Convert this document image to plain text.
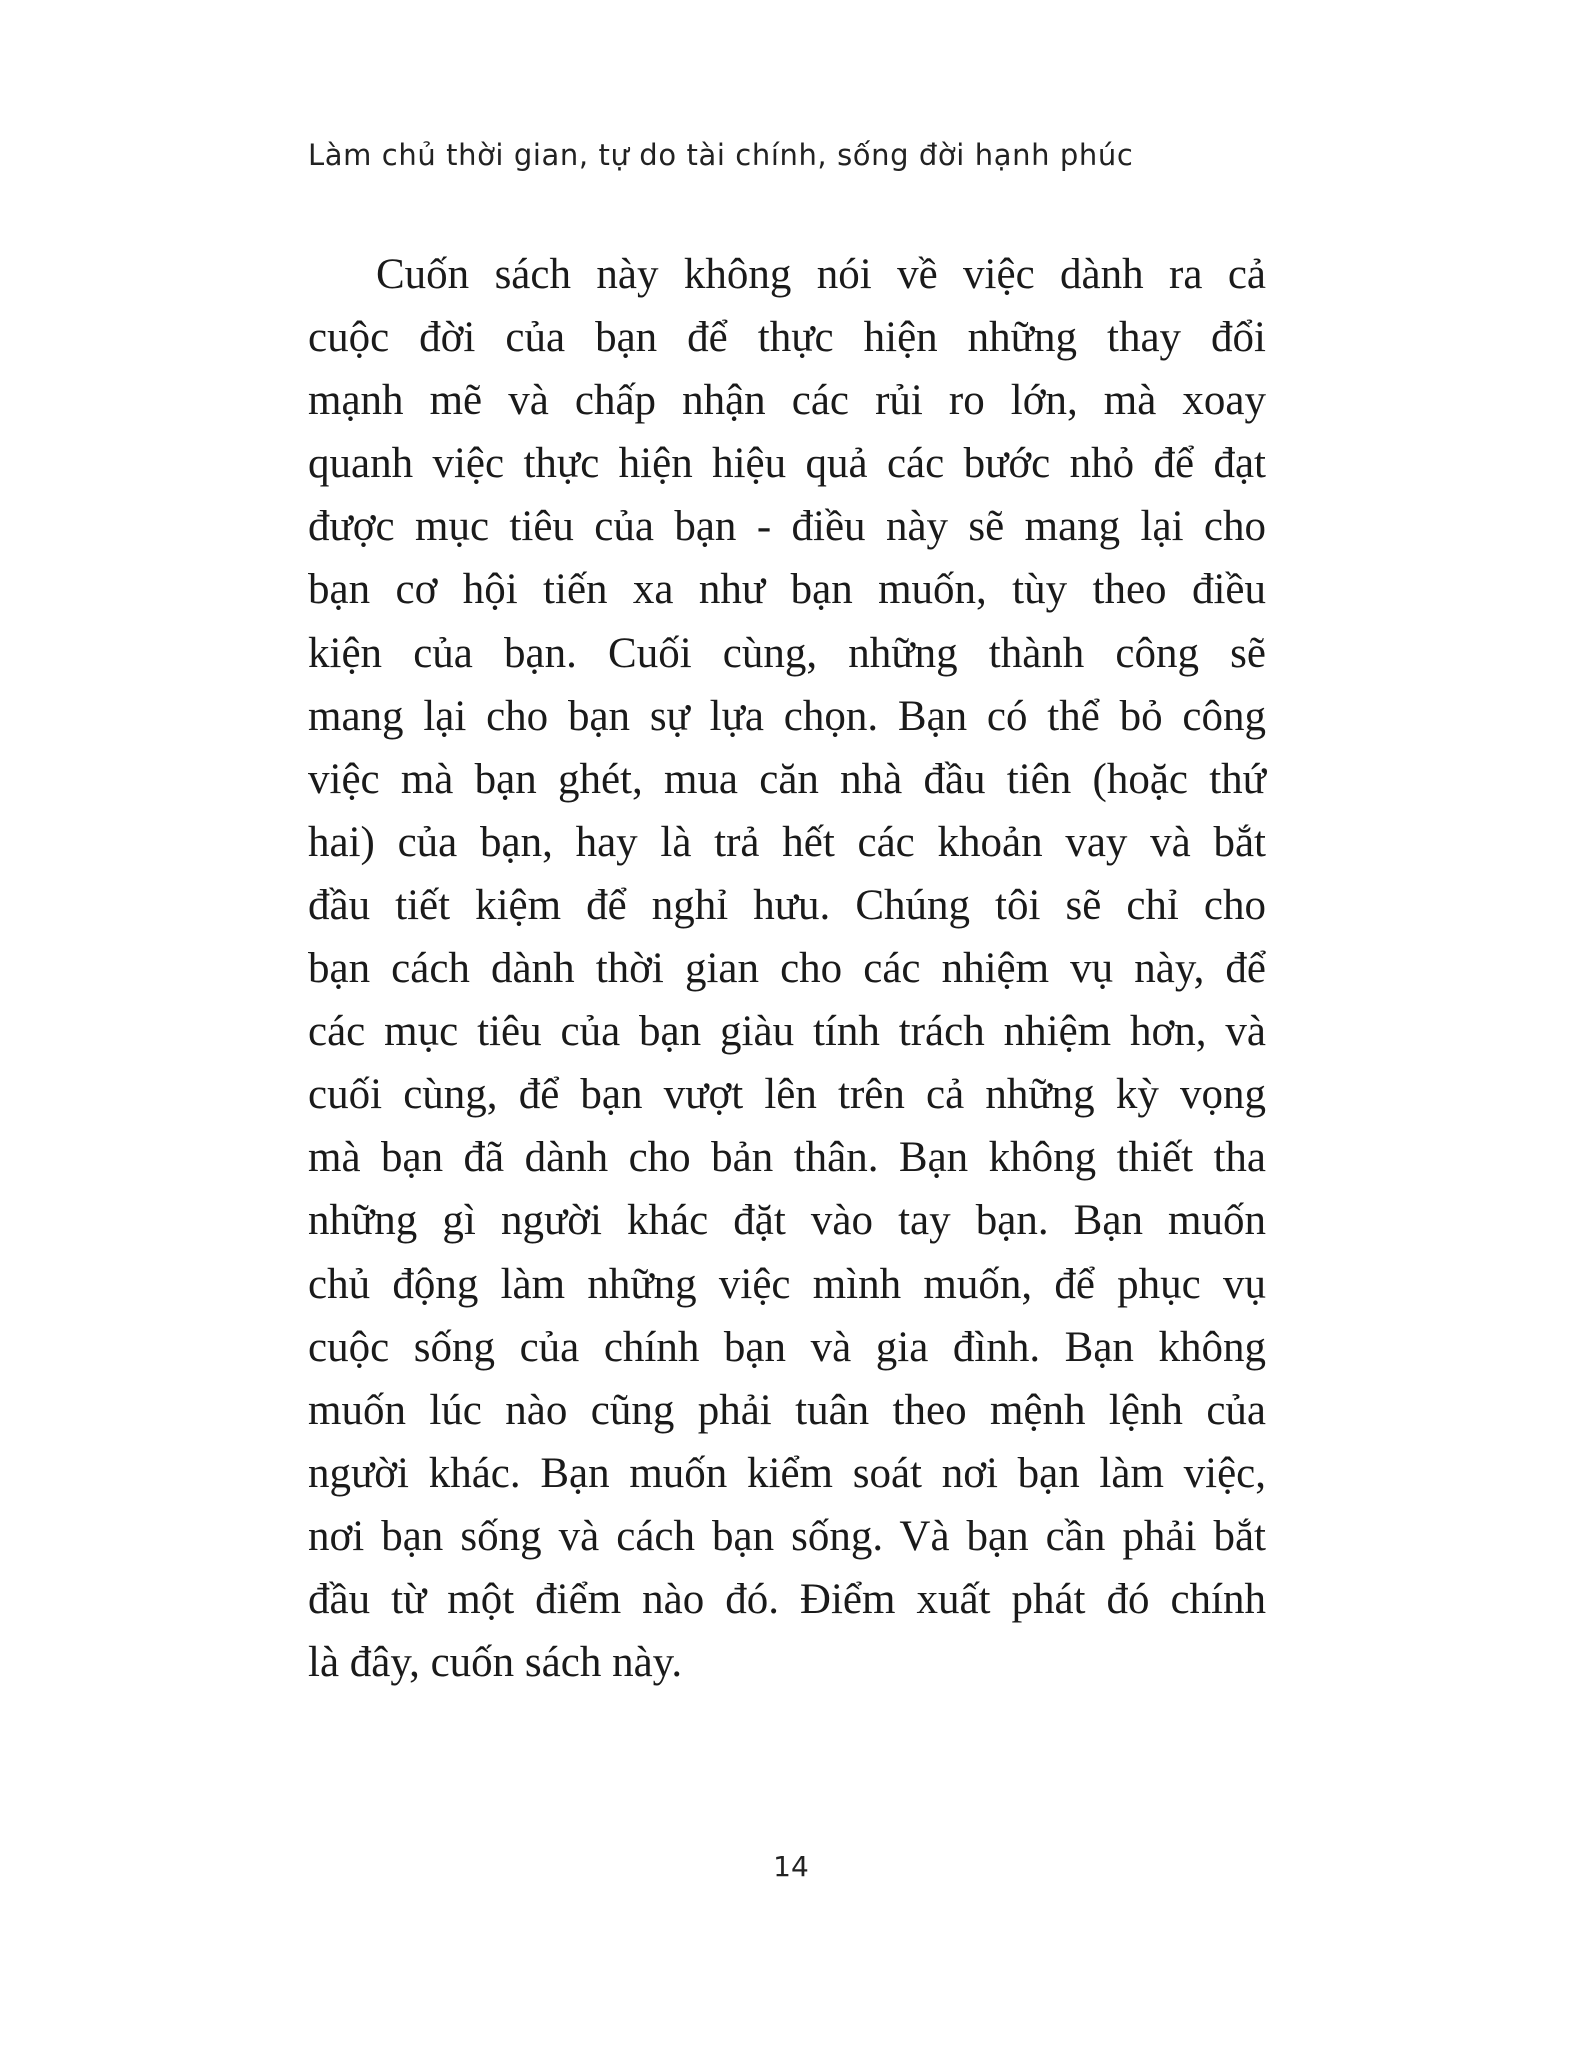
Làm chủ thời gian, tự do tài chính, sống đời hạnh phúc
Cuốn sách này không nói về việc dành ra cả
cuộc đời của bạn để thực hiện những thay đổi
mạnh mẽ và chấp nhận các rủi ro lớn, mà xoay
quanh việc thực hiện hiệu quả các bước nhỏ để đạt
được mục tiêu của bạn - điều này sẽ mang lại cho
bạn cơ hội tiến xa như bạn muốn, tùy theo điều
kiện của bạn. Cuối cùng, những thành công sẽ
mang lại cho bạn sự lựa chọn. Bạn có thể bỏ công
việc mà bạn ghét, mua căn nhà đầu tiên (hoặc thứ
hai) của bạn, hay là trả hết các khoản vay và bắt
đầu tiết kiệm để nghỉ hưu. Chúng tôi sẽ chỉ cho
bạn cách dành thời gian cho các nhiệm vụ này, để
các mục tiêu của bạn giàu tính trách nhiệm hơn, và
cuối cùng, để bạn vượt lên trên cả những kỳ vọng
mà bạn đã dành cho bản thân. Bạn không thiết tha
những gì người khác đặt vào tay bạn. Bạn muốn
chủ động làm những việc mình muốn, để phục vụ
cuộc sống của chính bạn và gia đình. Bạn không
muốn lúc nào cũng phải tuân theo mệnh lệnh của
người khác. Bạn muốn kiểm soát nơi bạn làm việc,
nơi bạn sống và cách bạn sống. Và bạn cần phải bắt
đầu từ một điểm nào đó. Điểm xuất phát đó chính
là đây, cuốn sách này.
14
